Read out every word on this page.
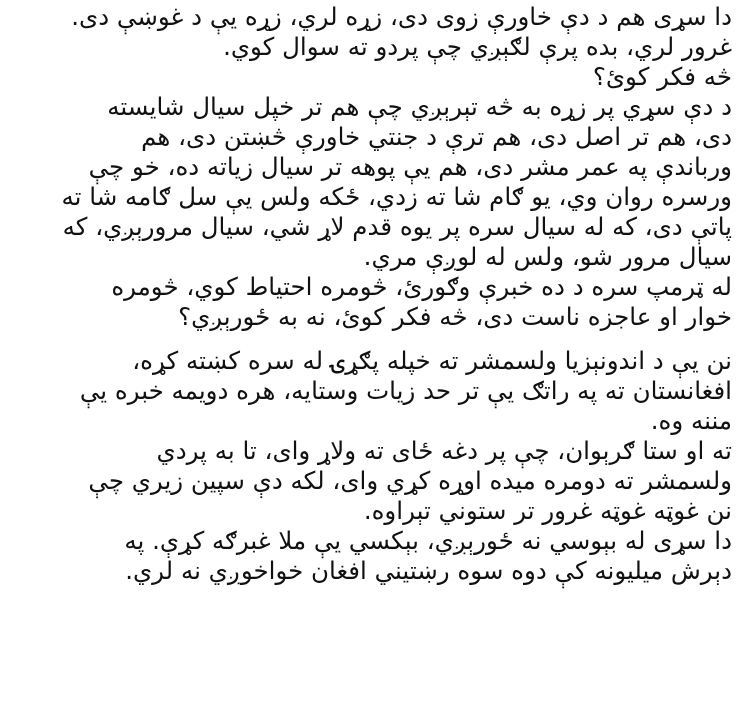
دا سړی هم د دې خاورې زوی دی، زړه لري، زړه یې د غوښې دی.
غرور لري، بده پرې لګېږي چې پردو ته سوال کوي.
څه فکر کوئ؟
د دې سړي پر زړه به څه تېرېږي چې هم تر خپل سیال شایسته
دی، هم تر اصل دی، هم ترې د جنتي خاورې څښتن دی، هم
ورباندې په عمر مشر دی، هم یې پوهه تر سیال زیاته ده، خو چې
ورسره روان وي، یو ګام شا ته زدي، ځکه ولس یې سل ګامه شا ته
پاتې دی، که له سیال سره پر یوه قدم لاړ شي، سیال مرورېږي، که
سیال مرور شو، ولس له لوږې مري.
له ټرمپ سره د ده خبرې وګورئ، څومره احتیاط کوي، څومره
خوار او عاجزه ناست دی، څه فکر کوئ، نه به ځورېږي؟
نن یې د اندونېزیا ولسمشر ته خپله پګړۍ له سره کښته کړه،
افغانستان ته په راتګ یې تر حد زیات وستایه، هره دویمه خبره یې
مننه وه.
ته او ستا ګرېوان، چې پر دغه ځای ته ولاړ وای، تا به پردي
ولسمشر ته دومره میده اوړه کړي وای، لکه دې سپین زیري چې
نن غوټه غوټه غرور تر ستوني تېراوه.
دا سړی له بېوسي نه ځورېږي، بېکسي یې ملا غبرګه کړې. په
دېرش میلیونه کې دوه سوه رښتیني افغان خواخوږي نه لري.
